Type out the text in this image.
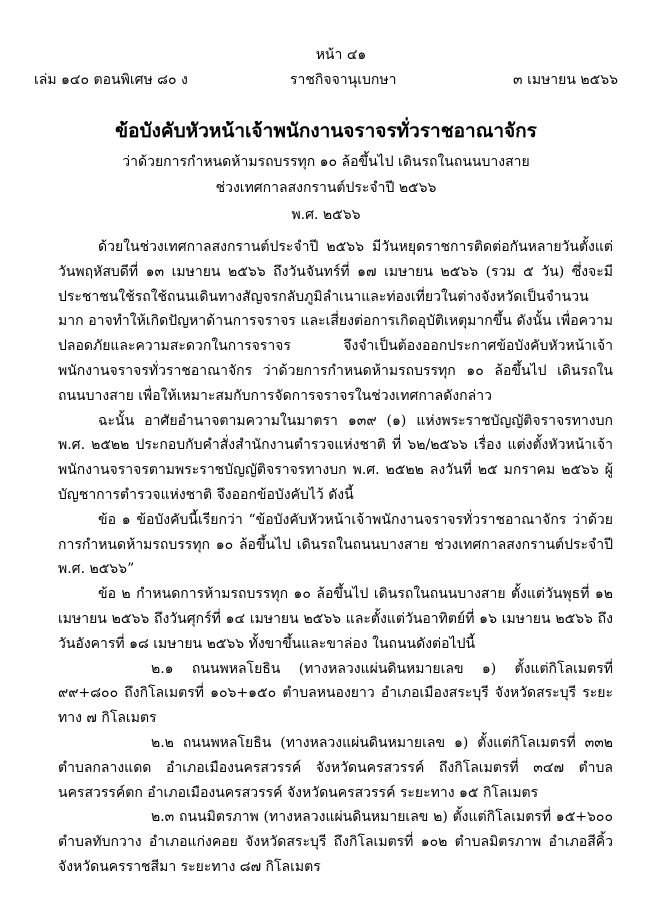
หน้า ๔๑
เล่ม ๑๔๐ ตอนพิเศษ ๘๐ ง	ราชกิจจานุเบกษา	๓ เมษายน ๒๕๖๖
ข้อบังคับหัวหน้าเจ้าพนักงานจราจรทั่วราชอาณาจักร
ว่าด้วยการกำหนดห้ามรถบรรทุก ๑๐ ล้อขึ้นไป เดินรถในถนนบางสาย
ช่วงเทศกาลสงกรานต์ประจำปี ๒๕๖๖
พ.ศ. ๒๕๖๖

ด้วยในช่วงเทศกาลสงกรานต์ประจำปี ๒๕๖๖ มีวันหยุดราชการติดต่อกันหลายวันตั้งแต่วันพฤหัสบดีที่ ๑๓ เมษายน ๒๕๖๖ ถึงวันจันทร์ที่ ๑๗ เมษายน ๒๕๖๖ (รวม ๕ วัน) ซึ่งจะมีประชาชนใช้รถใช้ถนนเดินทางสัญจรกลับภูมิลำเนาและท่องเที่ยวในต่างจังหวัดเป็นจำนวนมาก อาจทำให้เกิดปัญหาด้านการจราจร และเสี่ยงต่อการเกิดอุบัติเหตุมากขึ้น ดังนั้น เพื่อความปลอดภัยและความสะดวกในการจราจร จึงจำเป็นต้องออกประกาศข้อบังคับหัวหน้าเจ้าพนักงานจราจรทั่วราชอาณาจักร ว่าด้วยการกำหนดห้ามรถบรรทุก ๑๐ ล้อขึ้นไป เดินรถในถนนบางสาย เพื่อให้เหมาะสมกับการจัดการจราจรในช่วงเทศกาลดังกล่าว

ฉะนั้น อาศัยอำนาจตามความในมาตรา ๑๓๙ (๑) แห่งพระราชบัญญัติจราจรทางบก พ.ศ. ๒๕๒๒ ประกอบกับคำสั่งสำนักงานตำรวจแห่งชาติ ที่ ๖๒/๒๕๖๖ เรื่อง แต่งตั้งหัวหน้าเจ้าพนักงานจราจรตามพระราชบัญญัติจราจรทางบก พ.ศ. ๒๕๒๒ ลงวันที่ ๒๕ มกราคม ๒๕๖๖ ผู้บัญชาการตำรวจแห่งชาติ จึงออกข้อบังคับไว้ ดังนี้

ข้อ ๑ ข้อบังคับนี้เรียกว่า “ข้อบังคับหัวหน้าเจ้าพนักงานจราจรทั่วราชอาณาจักร ว่าด้วยการกำหนดห้ามรถบรรทุก ๑๐ ล้อขึ้นไป เดินรถในถนนบางสาย ช่วงเทศกาลสงกรานต์ประจำปี พ.ศ. ๒๕๖๖”

ข้อ ๒ กำหนดการห้ามรถบรรทุก ๑๐ ล้อขึ้นไป เดินรถในถนนบางสาย ตั้งแต่วันพุธที่ ๑๒ เมษายน ๒๕๖๖ ถึงวันศุกร์ที่ ๑๔ เมษายน ๒๕๖๖ และตั้งแต่วันอาทิตย์ที่ ๑๖ เมษายน ๒๕๖๖ ถึงวันอังคารที่ ๑๘ เมษายน ๒๕๖๖ ทั้งขาขึ้นและขาล่อง ในถนนดังต่อไปนี้

๒.๑ ถนนพหลโยธิน (ทางหลวงแผ่นดินหมายเลข ๑) ตั้งแต่กิโลเมตรที่ ๙๙+๘๐๐ ถึงกิโลเมตรที่ ๑๐๖+๑๕๐ ตำบลหนองยาว อำเภอเมืองสระบุรี จังหวัดสระบุรี ระยะทาง ๗ กิโลเมตร

๒.๒ ถนนพหลโยธิน (ทางหลวงแผ่นดินหมายเลข ๑) ตั้งแต่กิโลเมตรที่ ๓๓๒ ตำบลกลางแดด อำเภอเมืองนครสวรรค์ จังหวัดนครสวรรค์ ถึงกิโลเมตรที่ ๓๔๗ ตำบลนครสวรรค์ตก อำเภอเมืองนครสวรรค์ จังหวัดนครสวรรค์ ระยะทาง ๑๕ กิโลเมตร

๒.๓ ถนนมิตรภาพ (ทางหลวงแผ่นดินหมายเลข ๒) ตั้งแต่กิโลเมตรที่ ๑๕+๖๐๐ ตำบลทับกวาง อำเภอแก่งคอย จังหวัดสระบุรี ถึงกิโลเมตรที่ ๑๐๒ ตำบลมิตรภาพ อำเภอสีคิ้ว จังหวัดนครราชสีมา ระยะทาง ๘๗ กิโลเมตร
